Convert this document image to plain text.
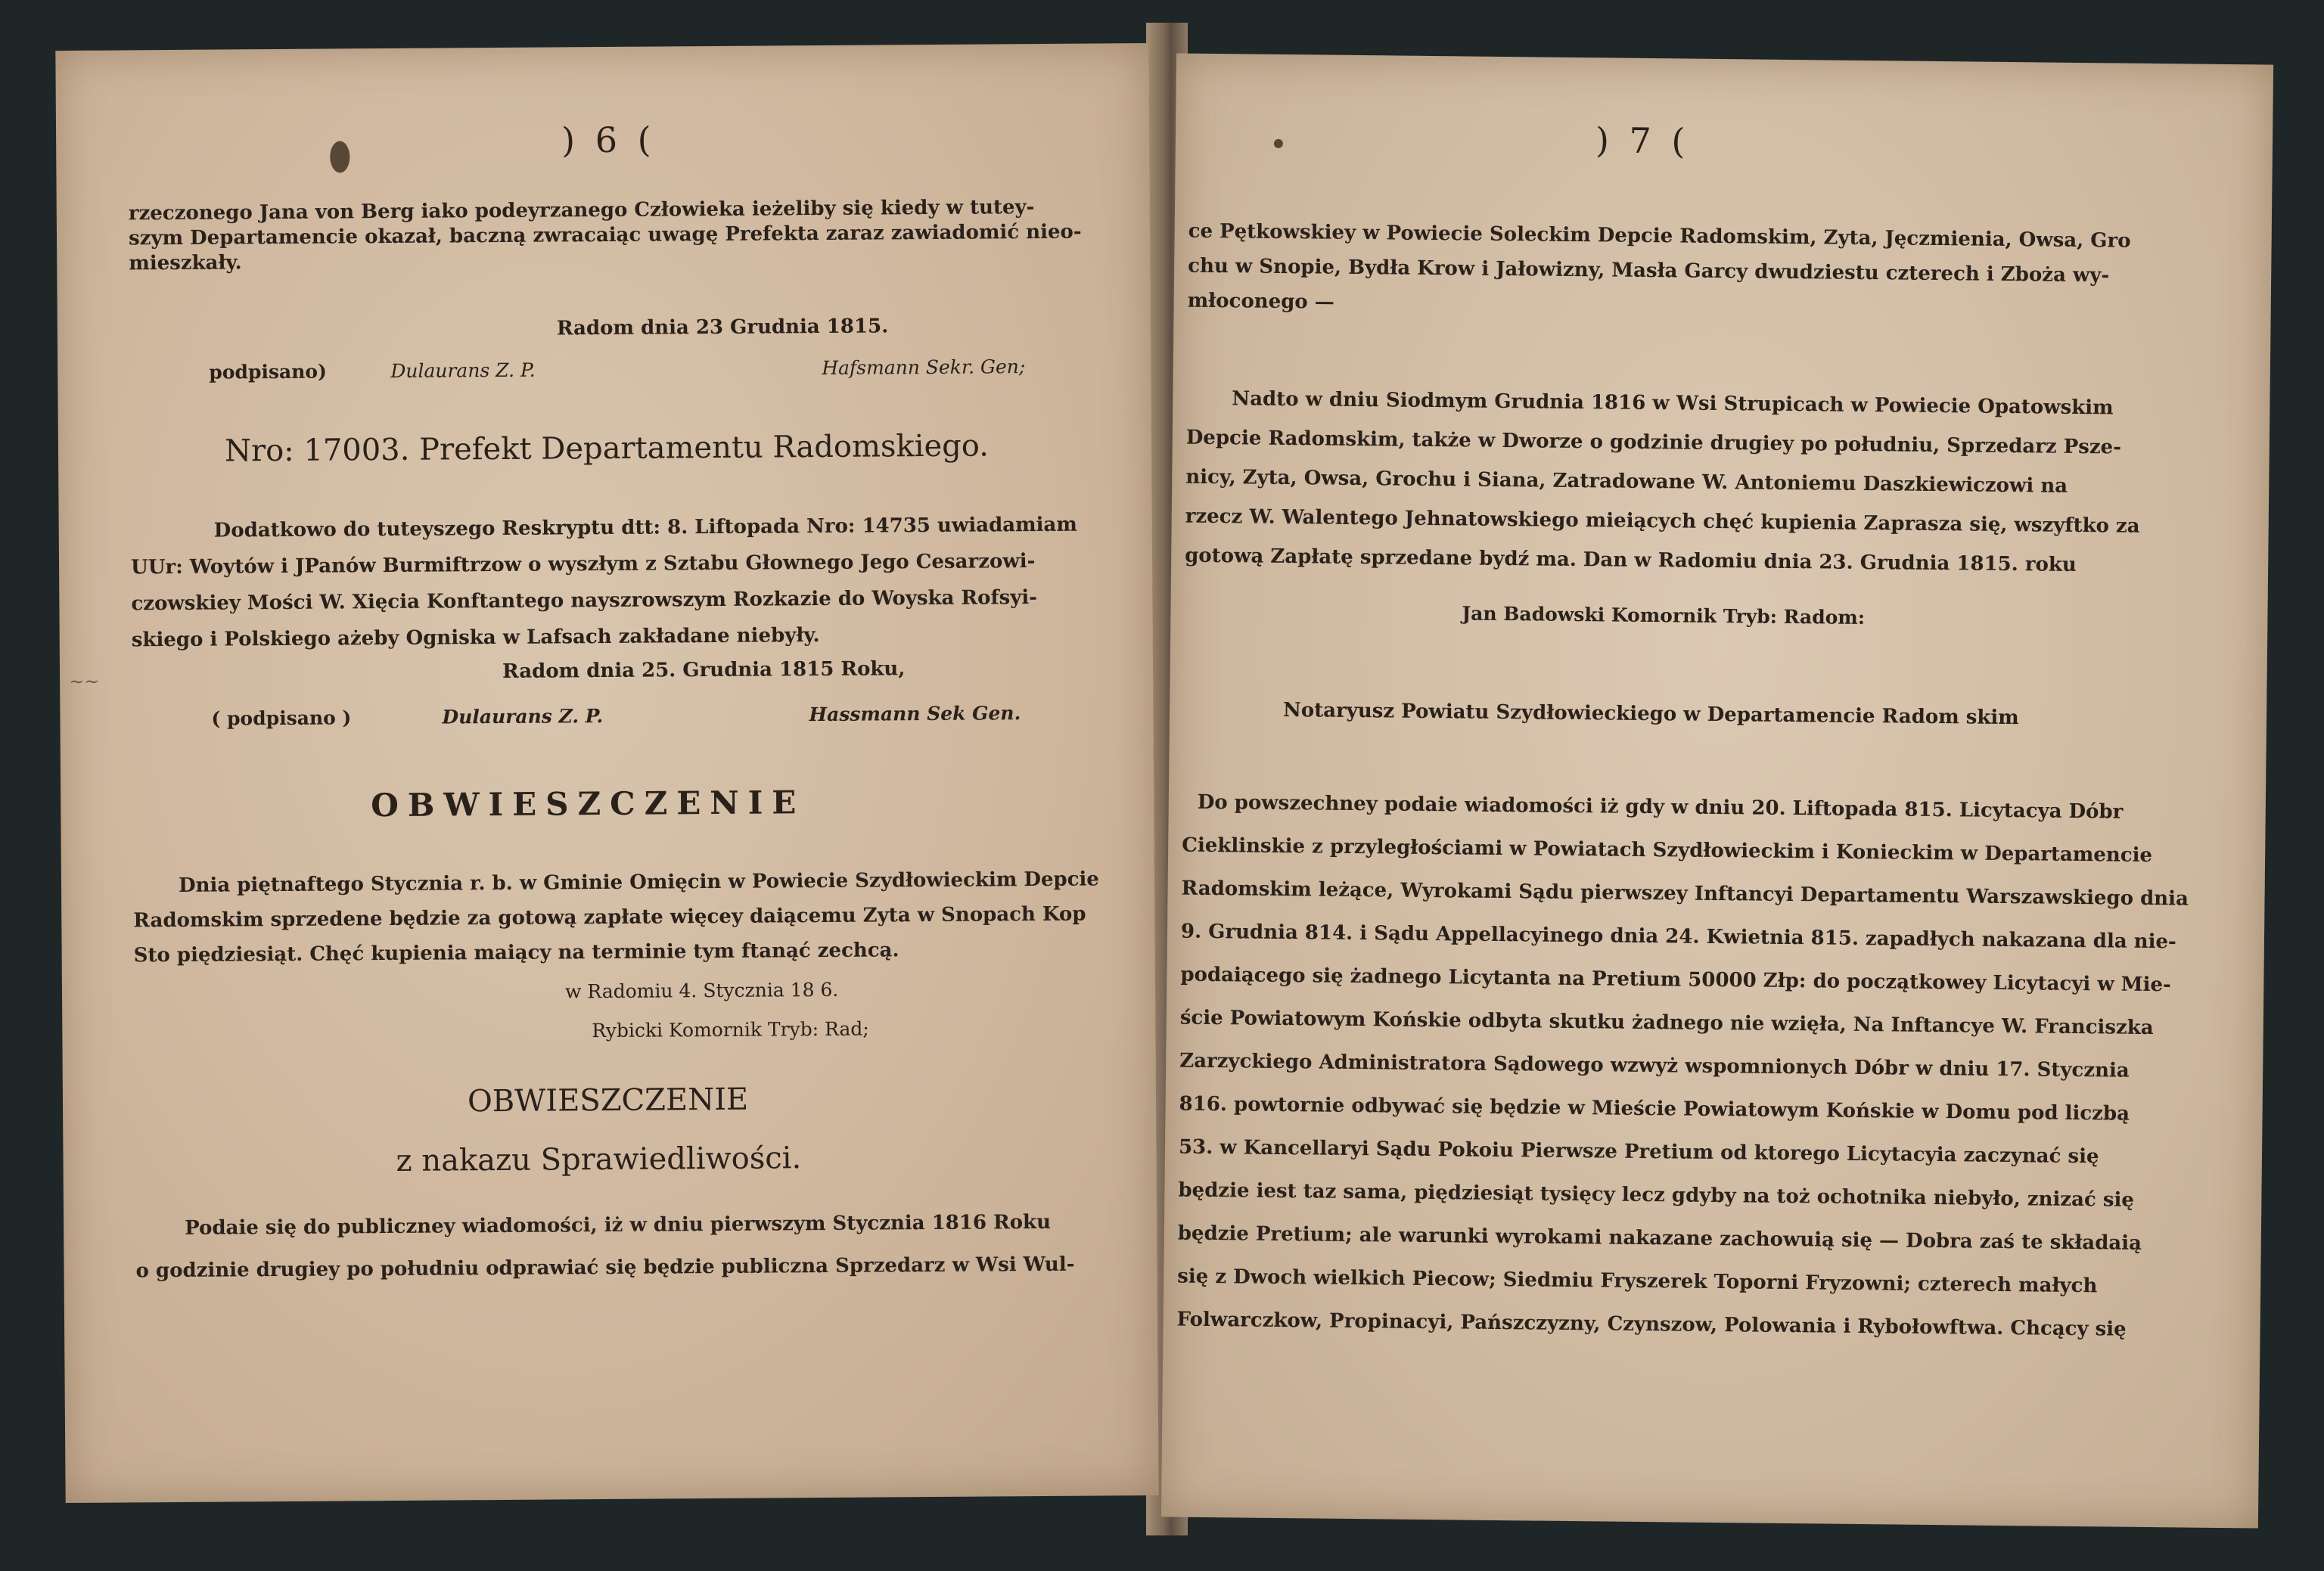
~~
) 6 (

rzeczonego Jana von Berg iako podeyrzanego Człowieka ieżeliby się kiedy w tutey-

szym Departamencie okazał, baczną zwracaiąc uwagę Prefekta zaraz zawiadomić nieo-

mieszkały.

Radom dnia 23 Grudnia 1815.
podpisano)	Dulaurans Z. P.	Hafsmann Sekr. Gen;
Nro: 17003. Prefekt Departamentu Radomskiego.

Dodatkowo do tuteyszego Reskryptu dtt: 8. Liftopada Nro: 14735 uwiadamiam

UUr: Woytów i JPanów Burmiftrzow o wyszłym z Sztabu Głownego Jego Cesarzowi-

czowskiey Mości W. Xięcia Konftantego nayszrowszym Rozkazie do Woyska Rofsyi-

skiego i Polskiego ażeby Ogniska w Lafsach zakładane niebyły.

Radom dnia 25. Grudnia 1815 Roku,
( podpisano )	Dulaurans Z. P.	Hassmann Sek Gen.
OBWIESZCZENIE

Dnia piętnaftego Stycznia r. b. w Gminie Omięcin w Powiecie Szydłowieckim Depcie

Radomskim sprzedene będzie za gotową zapłate więcey daiącemu Zyta w Snopach Kop

Sto piędziesiąt. Chęć kupienia maiący na terminie tym ftanąć zechcą.

w Radomiu 4. Stycznia 18 6.
Rybicki Komornik Tryb: Rad;
OBWIESZCZENIE
z nakazu Sprawiedliwości.

Podaie się do publiczney wiadomości, iż w dniu pierwszym Stycznia 1816 Roku

o godzinie drugiey po południu odprawiać się będzie publiczna Sprzedarz w Wsi Wul-

) 7 (

ce Pętkowskiey w Powiecie Soleckim Depcie Radomskim, Zyta, Jęczmienia, Owsa, Gro

chu w Snopie, Bydła Krow i Jałowizny, Masła Garcy dwudziestu czterech i Zboża wy-

młoconego —

Nadto w dniu Siodmym Grudnia 1816 w Wsi Strupicach w Powiecie Opatowskim

Depcie Radomskim, także w Dworze o godzinie drugiey po południu, Sprzedarz Psze-

nicy, Zyta, Owsa, Grochu i Siana, Zatradowane W. Antoniemu Daszkiewiczowi na

rzecz W. Walentego Jehnatowskiego mieiących chęć kupienia Zaprasza się, wszyftko za

gotową Zapłatę sprzedane bydź ma. Dan w Radomiu dnia 23. Grudnia 1815. roku

Jan Badowski Komornik Tryb: Radom:
Notaryusz Powiatu Szydłowieckiego w Departamencie Radom skim

Do powszechney podaie wiadomości iż gdy w dniu 20. Liftopada 815. Licytacya Dóbr

Cieklinskie z przyległościami w Powiatach Szydłowieckim i Konieckim w Departamencie

Radomskim leżące, Wyrokami Sądu pierwszey Inftancyi Departamentu Warszawskiego dnia

9. Grudnia 814. i Sądu Appellacyinego dnia 24. Kwietnia 815. zapadłych nakazana dla nie-

podaiącego się żadnego Licytanta na Pretium 50000 Złp: do początkowey Licytacyi w Mie-

ście Powiatowym Końskie odbyta skutku żadnego nie wzięła, Na Inftancye W. Franciszka

Zarzyckiego Administratora Sądowego wzwyż wspomnionych Dóbr w dniu 17. Stycznia

816. powtornie odbywać się będzie w Mieście Powiatowym Końskie w Domu pod liczbą

53. w Kancellaryi Sądu Pokoiu Pierwsze Pretium od ktorego Licytacyia zaczynać się

będzie iest taz sama, piędziesiąt tysięcy lecz gdyby na toż ochotnika niebyło, znizać się

będzie Pretium; ale warunki wyrokami nakazane zachowuią się — Dobra zaś te składaią

się z Dwoch wielkich Piecow; Siedmiu Fryszerek Toporni Fryzowni; czterech małych

Folwarczkow, Propinacyi, Pańszczyzny, Czynszow, Polowania i Rybołowftwa. Chcący się
